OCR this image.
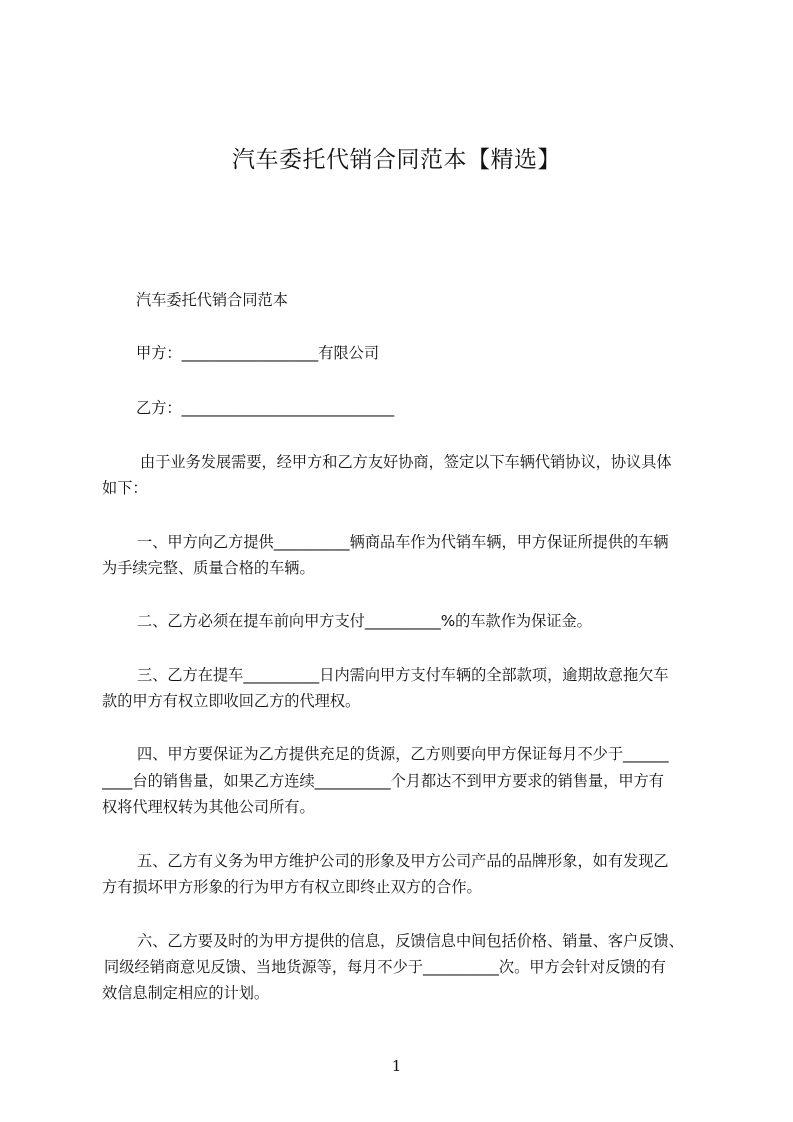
汽车委托代销合同范本【精选】
汽车委托代销合同范本
甲方：__________________有限公司
乙方：____________________________
由于业务发展需要，经甲方和乙方友好协商，签定以下车辆代销协议，协议具体
如下：
一、甲方向乙方提供__________辆商品车作为代销车辆，甲方保证所提供的车辆
为手续完整、质量合格的车辆。
二、乙方必须在提车前向甲方支付__________%的车款作为保证金。
三、乙方在提车__________日内需向甲方支付车辆的全部款项，逾期故意拖欠车
款的甲方有权立即收回乙方的代理权。
四、甲方要保证为乙方提供充足的货源，乙方则要向甲方保证每月不少于______
____台的销售量，如果乙方连续__________个月都达不到甲方要求的销售量，甲方有
权将代理权转为其他公司所有。
五、乙方有义务为甲方维护公司的形象及甲方公司产品的品牌形象，如有发现乙
方有损坏甲方形象的行为甲方有权立即终止双方的合作。
六、乙方要及时的为甲方提供的信息，反馈信息中间包括价格、销量、客户反馈、
同级经销商意见反馈、当地货源等，每月不少于__________次。甲方会针对反馈的有
效信息制定相应的计划。
1
